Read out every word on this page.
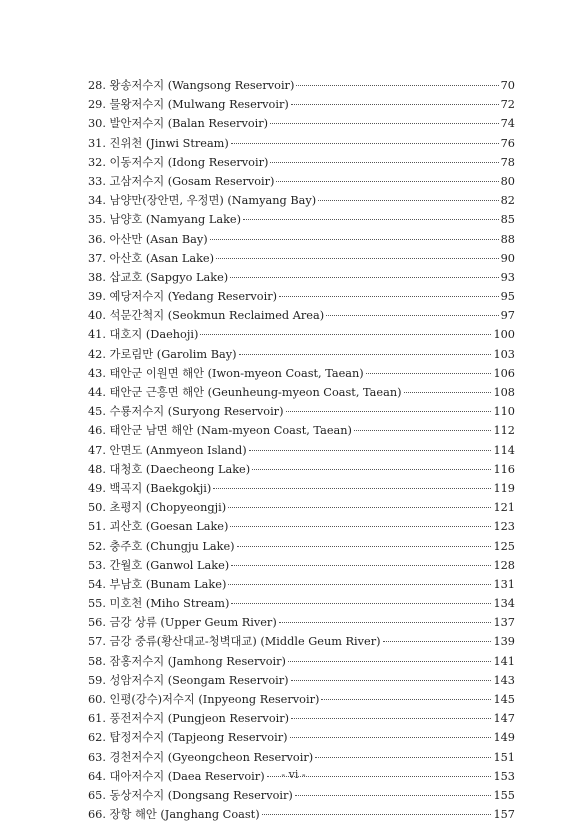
28. 왕송저수지 (Wangsong Reservoir)	70
29. 물왕저수지 (Mulwang Reservoir)	72
30. 발안저수지 (Balan Reservoir)	74
31. 진위천 (Jinwi Stream)	76
32. 이동저수지 (Idong Reservoir)	78
33. 고삼저수지 (Gosam Reservoir)	80
34. 남양만(장안면, 우정면) (Namyang Bay)	82
35. 남양호 (Namyang Lake)	85
36. 아산만 (Asan Bay)	88
37. 아산호 (Asan Lake)	90
38. 삽교호 (Sapgyo Lake)	93
39. 예당저수지 (Yedang Reservoir)	95
40. 석문간척지 (Seokmun Reclaimed Area)	97
41. 대호지 (Daehoji)	100
42. 가로림만 (Garolim Bay)	103
43. 태안군 이원면 해안 (Iwon-myeon Coast, Taean)	106
44. 태안군 근흥면 해안 (Geunheung-myeon Coast, Taean)	108
45. 수룡저수지 (Suryong Reservoir)	110
46. 태안군 남면 해안 (Nam-myeon Coast, Taean)	112
47. 안면도 (Anmyeon Island)	114
48. 대청호 (Daecheong Lake)	116
49. 백곡지 (Baekgokji)	119
50. 초평지 (Chopyeongji)	121
51. 괴산호 (Goesan Lake)	123
52. 충주호 (Chungju Lake)	125
53. 간월호 (Ganwol Lake)	128
54. 부남호 (Bunam Lake)	131
55. 미호천 (Miho Stream)	134
56. 금강 상류 (Upper Geum River)	137
57. 금강 중류(황산대교-청벽대교) (Middle Geum River)	139
58. 잠홍저수지 (Jamhong Reservoir)	141
59. 성암저수지 (Seongam Reservoir)	143
60. 인평(강수)저수지 (Inpyeong Reservoir)	145
61. 풍전저수지 (Pungjeon Reservoir)	147
62. 탑정저수지 (Tapjeong Reservoir)	149
63. 경천저수지 (Gyeongcheon Reservoir)	151
64. 대아저수지 (Daea Reservoir)	153
65. 동상저수지 (Dongsang Reservoir)	155
66. 장항 해안 (Janghang Coast)	157
- vi -
